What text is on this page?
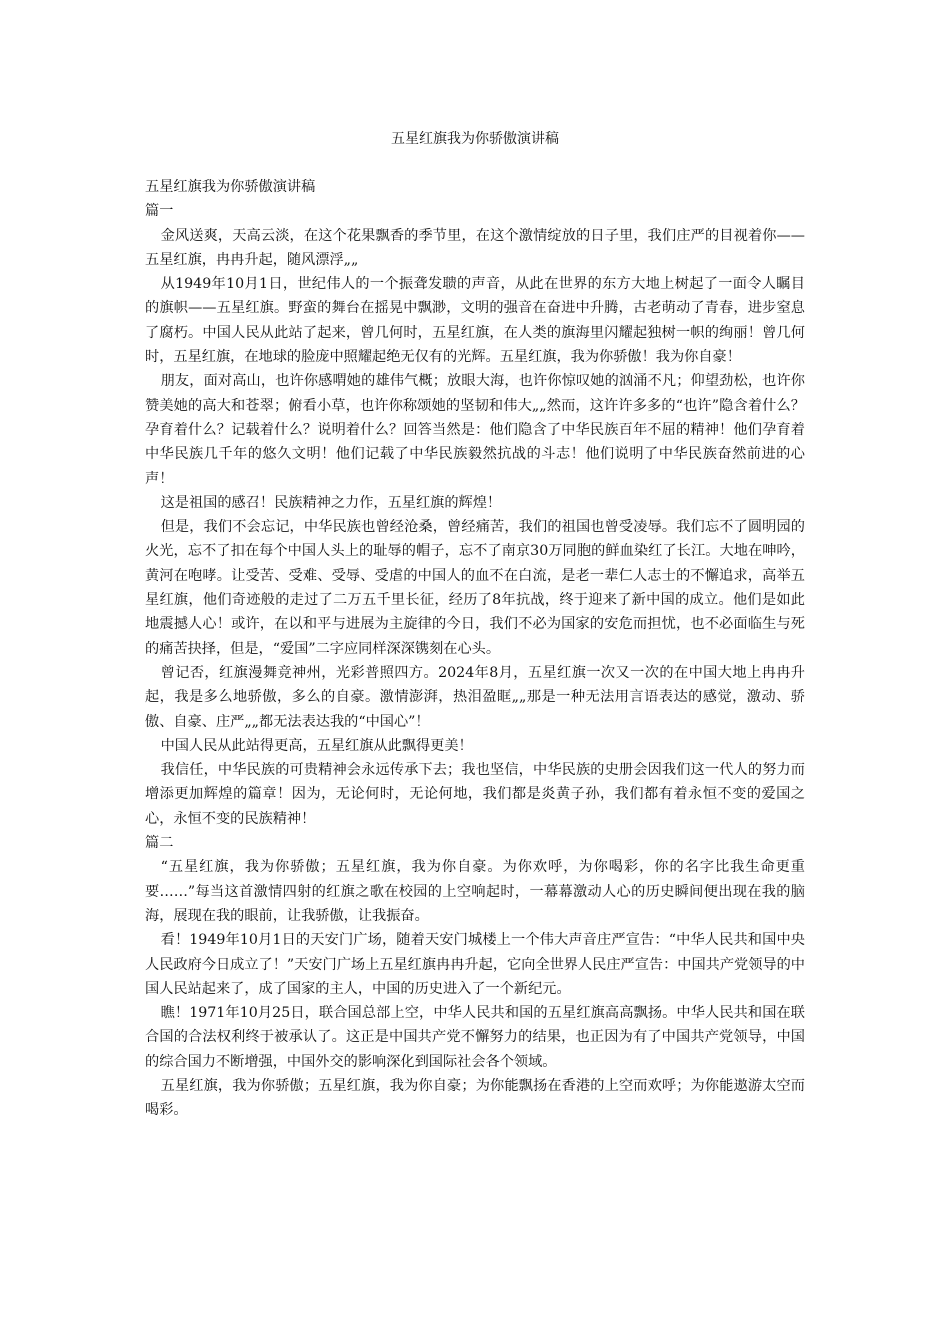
五星红旗我为你骄傲演讲稿

五星红旗我为你骄傲演讲稿

篇一

金风送爽，天高云淡，在这个花果飘香的季节里，在这个激情绽放的日子里，我们庄严的目视着你——五星红旗，冉冉升起，随风漂浮„„

从1949年10月1日，世纪伟人的一个振聋发聩的声音，从此在世界的东方大地上树起了一面令人瞩目的旗帜——五星红旗。野蛮的舞台在摇晃中飘渺，文明的强音在奋进中升腾，古老萌动了青春，进步窒息了腐朽。中国人民从此站了起来，曾几何时，五星红旗，在人类的旗海里闪耀起独树一帜的绚丽！曾几何时，五星红旗，在地球的脸庞中照耀起绝无仅有的光辉。五星红旗，我为你骄傲！我为你自豪！

朋友，面对高山，也许你感喟她的雄伟气概；放眼大海，也许你惊叹她的汹涌不凡；仰望劲松，也许你赞美她的高大和苍翠；俯看小草，也许你称颂她的坚韧和伟大„„然而，这许许多多的“也许”隐含着什么？孕育着什么？记载着什么？说明着什么？回答当然是：他们隐含了中华民族百年不屈的精神！他们孕育着中华民族几千年的悠久文明！他们记载了中华民族毅然抗战的斗志！他们说明了中华民族奋然前进的心声！

这是祖国的感召！民族精神之力作，五星红旗的辉煌！

但是，我们不会忘记，中华民族也曾经沧桑，曾经痛苦，我们的祖国也曾受凌辱。我们忘不了圆明园的火光，忘不了扣在每个中国人头上的耻辱的帽子，忘不了南京30万同胞的鲜血染红了长江。大地在呻吟，黄河在咆哮。让受苦、受难、受辱、受虐的中国人的血不在白流，是老一辈仁人志士的不懈追求，高举五星红旗，他们奇迹般的走过了二万五千里长征，经历了8年抗战，终于迎来了新中国的成立。他们是如此地震撼人心！或许，在以和平与进展为主旋律的今日，我们不必为国家的安危而担忧，也不必面临生与死的痛苦抉择，但是，“爱国”二字应同样深深镌刻在心头。

曾记否，红旗漫舞竞神州，光彩普照四方。2024年8月，五星红旗一次又一次的在中国大地上冉冉升起，我是多么地骄傲，多么的自豪。激情澎湃，热泪盈眶„„那是一种无法用言语表达的感觉，激动、骄傲、自豪、庄严„„都无法表达我的“中国心”！

中国人民从此站得更高，五星红旗从此飘得更美！

我信任，中华民族的可贵精神会永远传承下去；我也坚信，中华民族的史册会因我们这一代人的努力而增添更加辉煌的篇章！因为，无论何时，无论何地，我们都是炎黄子孙，我们都有着永恒不变的爱国之心，永恒不变的民族精神！

篇二

“五星红旗，我为你骄傲；五星红旗，我为你自豪。为你欢呼，为你喝彩，你的名字比我生命更重要……”每当这首激情四射的红旗之歌在校园的上空响起时，一幕幕激动人心的历史瞬间便出现在我的脑海，展现在我的眼前，让我骄傲，让我振奋。

看！1949年10月1日的天安门广场，随着天安门城楼上一个伟大声音庄严宣告：“中华人民共和国中央人民政府今日成立了！”天安门广场上五星红旗冉冉升起，它向全世界人民庄严宣告：中国共产党领导的中国人民站起来了，成了国家的主人，中国的历史进入了一个新纪元。

瞧！1971年10月25日，联合国总部上空，中华人民共和国的五星红旗高高飘扬。中华人民共和国在联合国的合法权利终于被承认了。这正是中国共产党不懈努力的结果，也正因为有了中国共产党领导，中国的综合国力不断增强，中国外交的影响深化到国际社会各个领域。

五星红旗，我为你骄傲；五星红旗，我为你自豪；为你能飘扬在香港的上空而欢呼；为你能遨游太空而喝彩。
